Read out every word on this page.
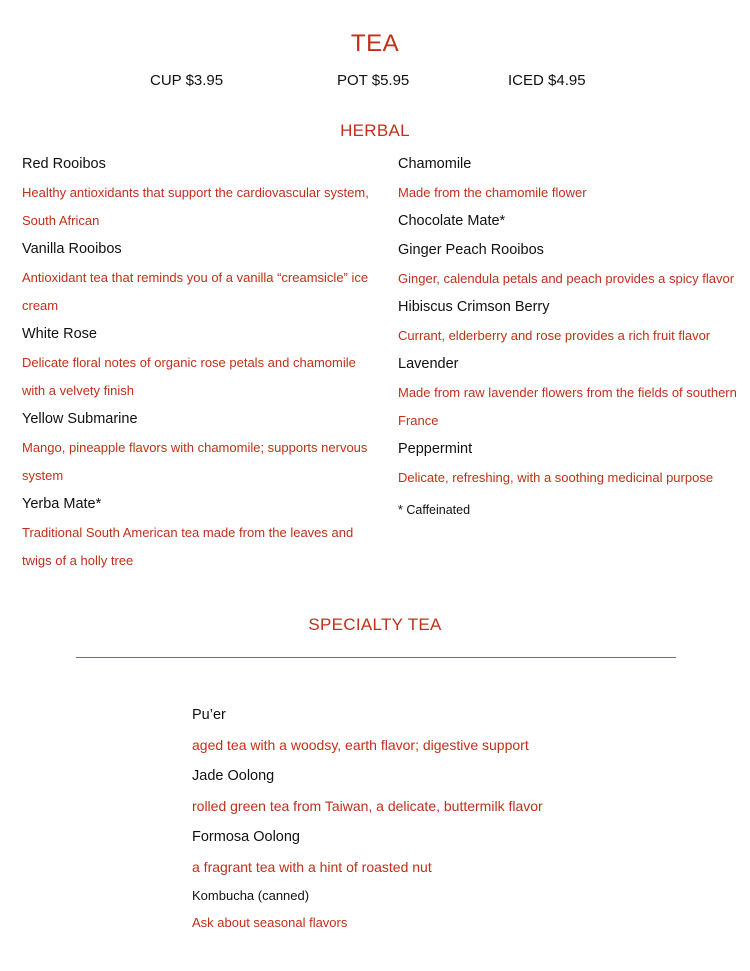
TEA
CUP $3.95	POT $5.95	ICED $4.95
HERBAL
Red Rooibos
Healthy antioxidants that support the cardiovascular system, South African
Vanilla Rooibos
Antioxidant tea that reminds you of a vanilla “creamsicle” ice cream
White Rose
Delicate floral notes of organic rose petals and chamomile with a velvety finish
Yellow Submarine
Mango, pineapple flavors with chamomile; supports nervous system
Yerba Mate*
Traditional South American tea made from the leaves and twigs of a holly tree
Chamomile
Made from the chamomile flower
Chocolate Mate*
Ginger Peach Rooibos
Ginger, calendula petals and peach provides a spicy flavor
Hibiscus Crimson Berry
Currant, elderberry and rose provides a rich fruit flavor
Lavender
Made from raw lavender flowers from the fields of southern France
Peppermint
Delicate, refreshing, with a soothing medicinal purpose
* Caffeinated
SPECIALTY TEA
Pu’er
aged tea with a woodsy, earth flavor; digestive support
Jade Oolong
rolled green tea from Taiwan, a delicate, buttermilk flavor
Formosa Oolong
a fragrant tea with a hint of roasted nut
Kombucha (canned)
Ask about seasonal flavors
